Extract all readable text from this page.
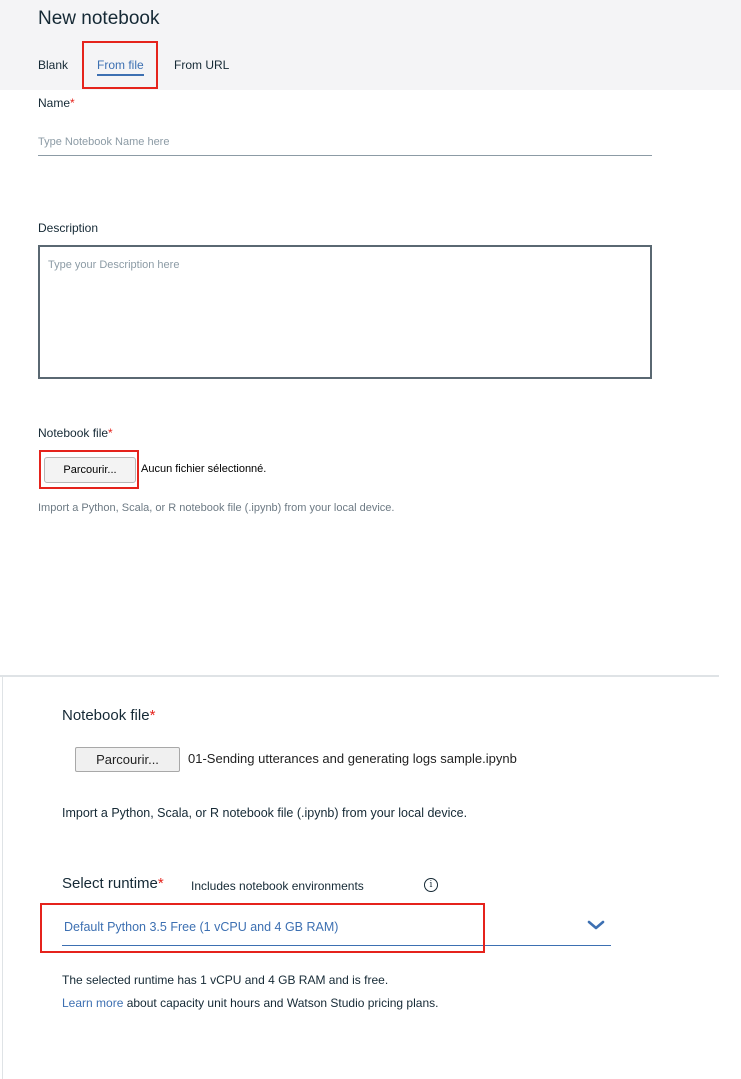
New notebook
Blank From file	From URL
Name*
Type Notebook Name here
Description
Type your Description here
Notebook file*
Parcourir...	Aucun fichier sélectionné.
Import a Python, Scala, or R notebook file (.ipynb) from your local device.
Notebook file*
Parcourir...	01-Sending utterances and generating logs sample.ipynb
Import a Python, Scala, or R notebook file (.ipynb) from your local device.
Select runtime* Includes notebook environments	i
Default Python 3.5 Free (1 vCPU and 4 GB RAM)
The selected runtime has 1 vCPU and 4 GB RAM and is free.
Learn more about capacity unit hours and Watson Studio pricing plans.
